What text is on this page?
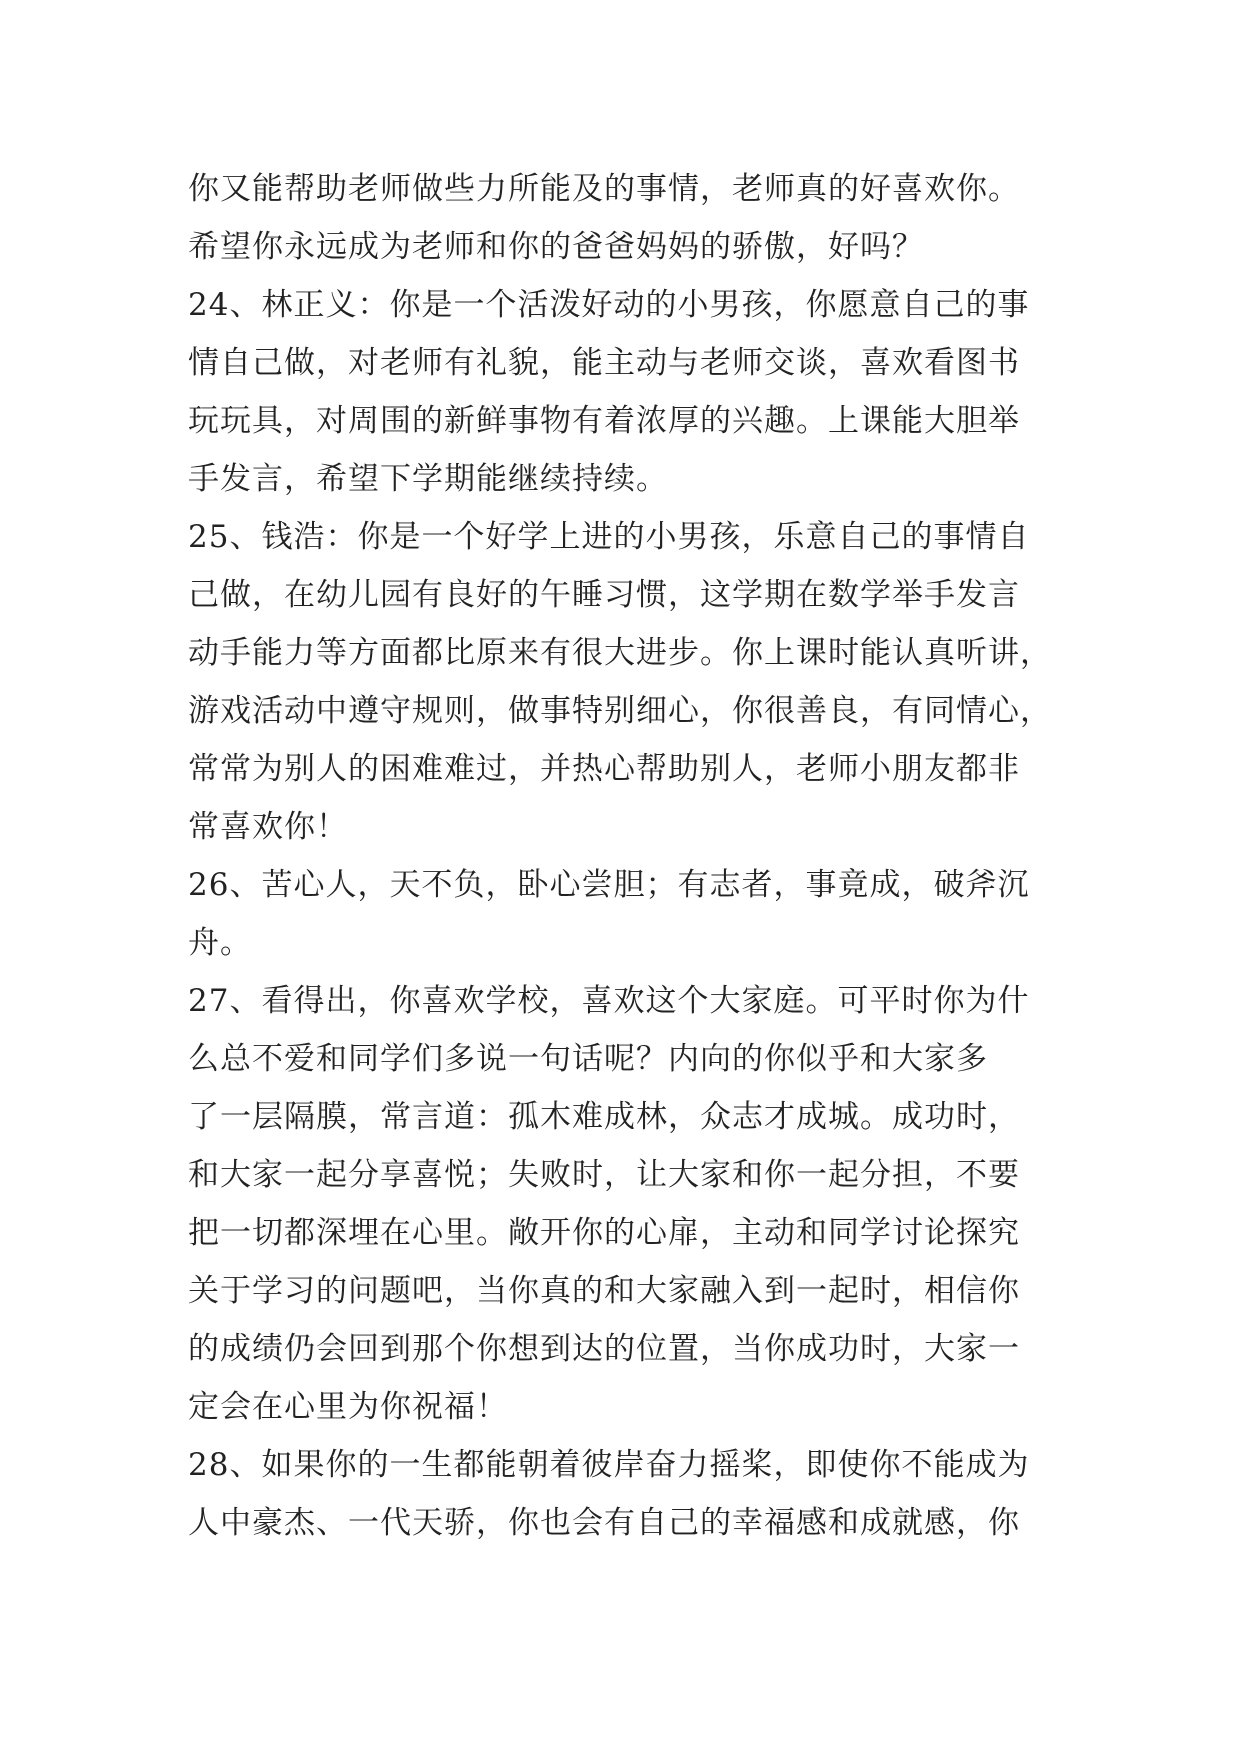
你又能帮助老师做些力所能及的事情，老师真的好喜欢你。
希望你永远成为老师和你的爸爸妈妈的骄傲，好吗？
24、林正义：你是一个活泼好动的小男孩，你愿意自己的事
情自己做，对老师有礼貌，能主动与老师交谈，喜欢看图书
玩玩具，对周围的新鲜事物有着浓厚的兴趣。上课能大胆举
手发言，希望下学期能继续持续。
25、钱浩：你是一个好学上进的小男孩，乐意自己的事情自
己做，在幼儿园有良好的午睡习惯，这学期在数学举手发言
动手能力等方面都比原来有很大进步。你上课时能认真听讲，
游戏活动中遵守规则，做事特别细心，你很善良，有同情心，
常常为别人的困难难过，并热心帮助别人，老师小朋友都非
常喜欢你！
26、苦心人，天不负，卧心尝胆；有志者，事竟成，破斧沉
舟。
27、看得出，你喜欢学校，喜欢这个大家庭。可平时你为什
么总不爱和同学们多说一句话呢？内向的你似乎和大家多
了一层隔膜，常言道：孤木难成林，众志才成城。成功时，
和大家一起分享喜悦；失败时，让大家和你一起分担，不要
把一切都深埋在心里。敞开你的心扉，主动和同学讨论探究
关于学习的问题吧，当你真的和大家融入到一起时，相信你
的成绩仍会回到那个你想到达的位置，当你成功时，大家一
定会在心里为你祝福！
28、如果你的一生都能朝着彼岸奋力摇桨，即使你不能成为
人中豪杰、一代天骄，你也会有自己的幸福感和成就感，你
